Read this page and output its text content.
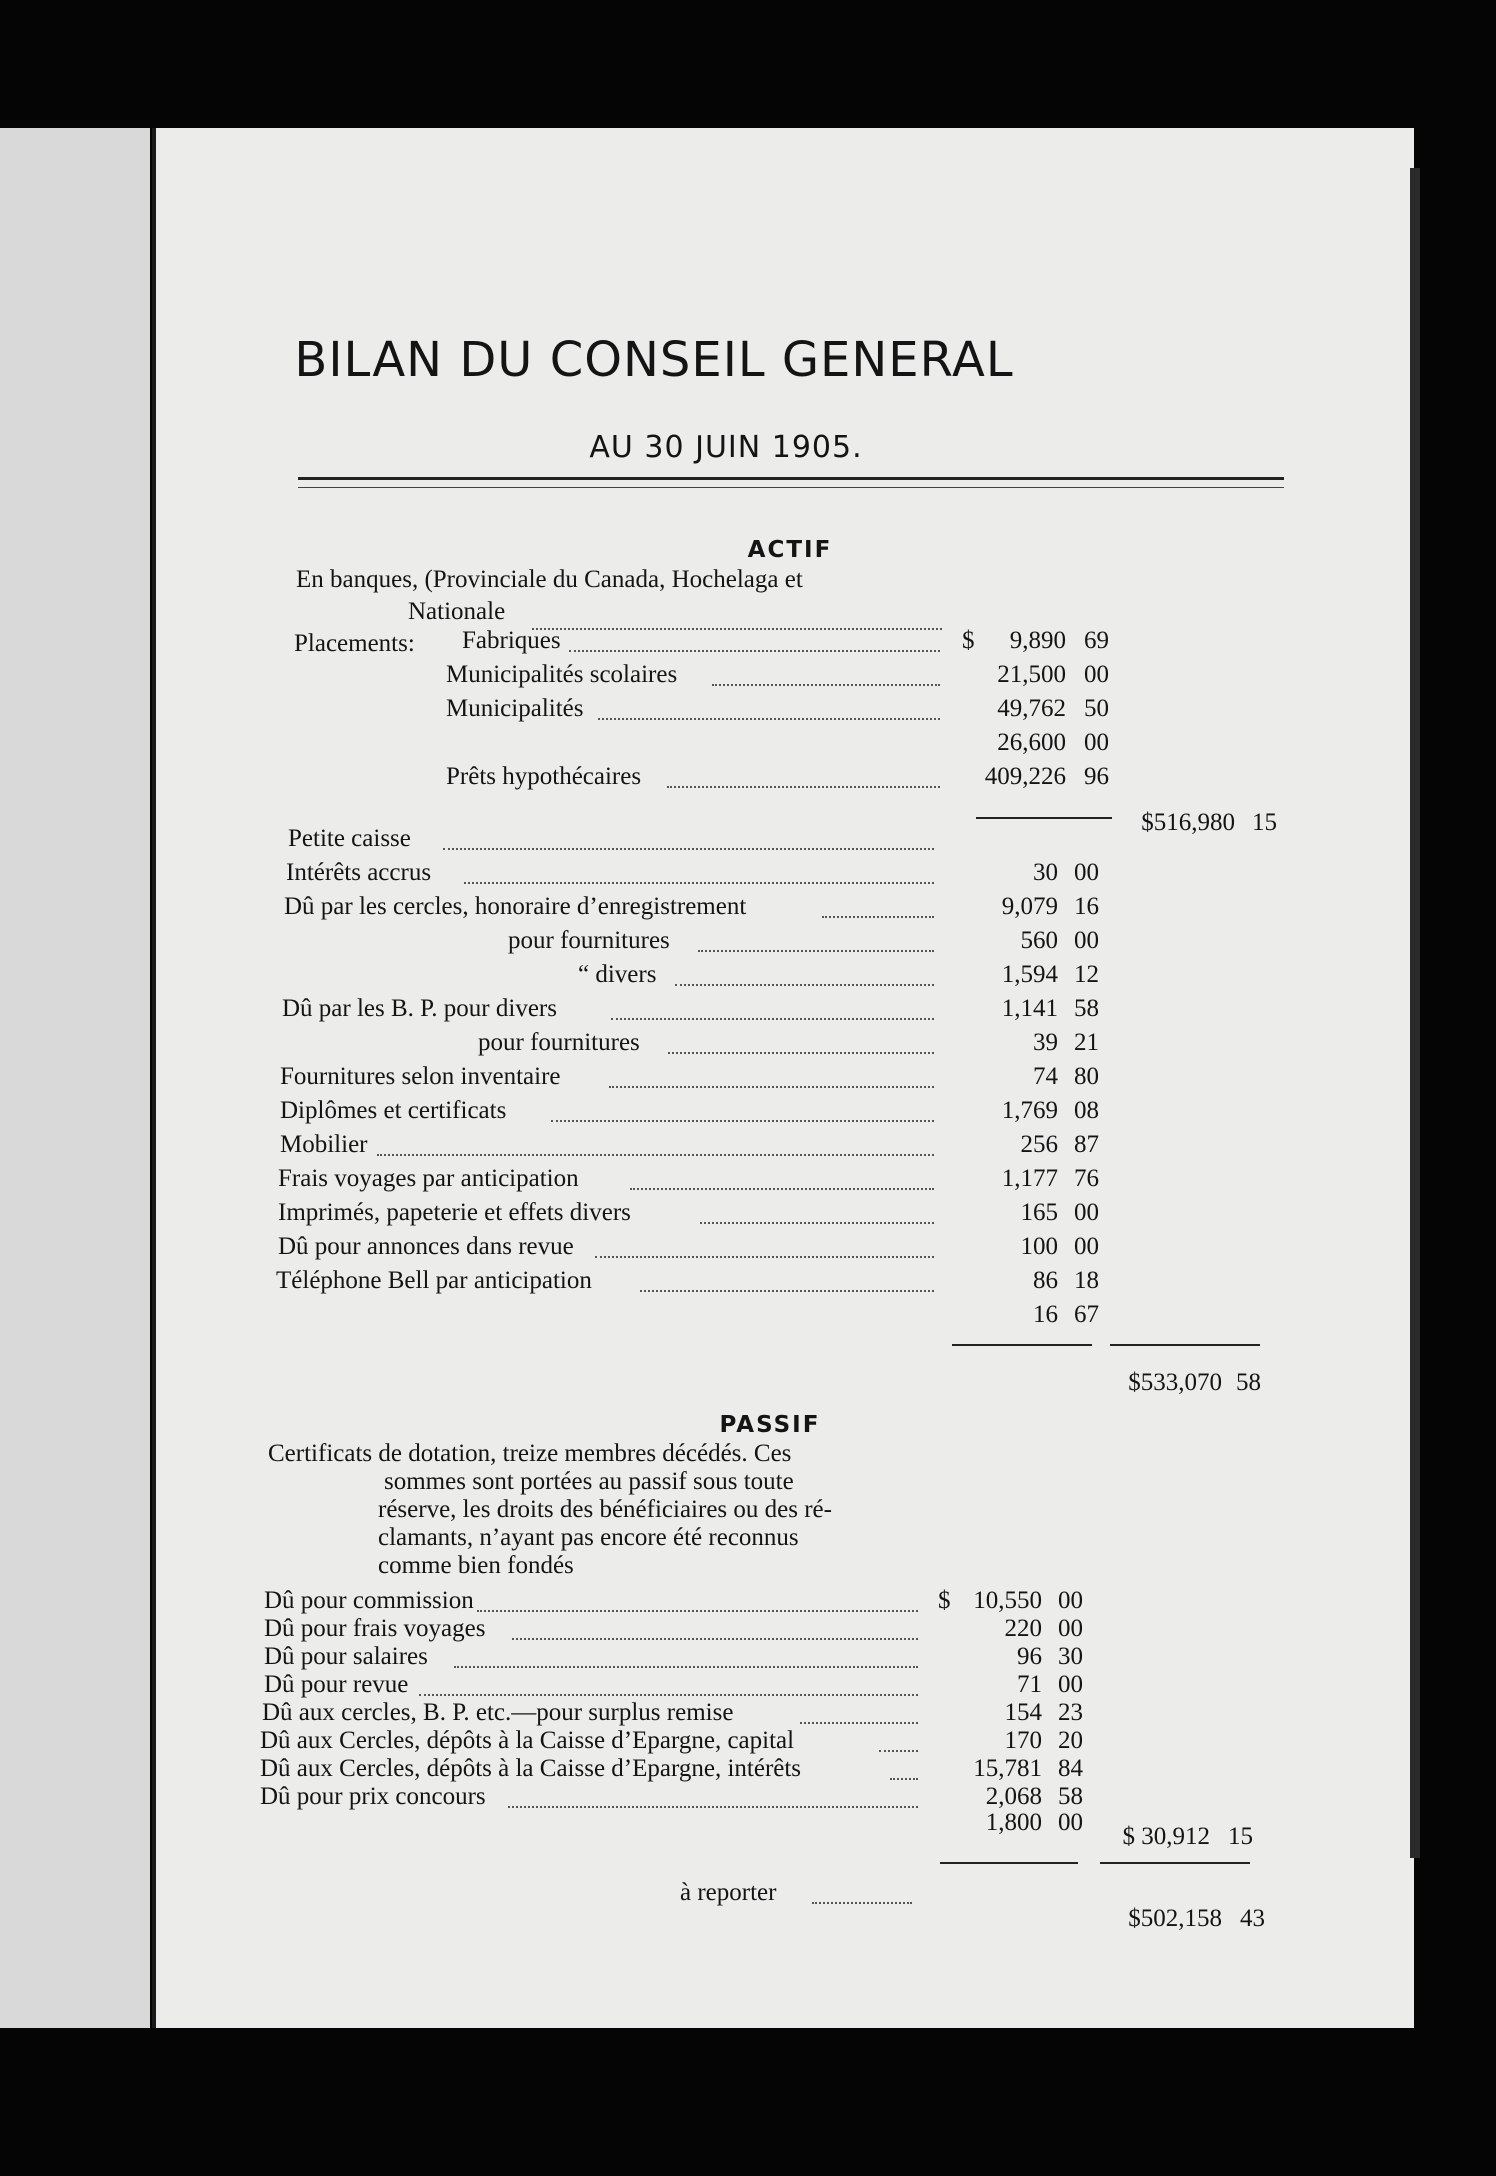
BILAN DU CONSEIL GENERAL
AU 30 JUIN 1905.
ACTIF
En banques, (Provinciale du Canada, Hochelaga et
Nationale
Placements: Fabriques	$	9,890 69
Municipalités scolaires	21,500 00
Municipalités	49,762 50
26,600 00
Prêts hypothécaires	409,226 96
$516,980 15
Petite caisse
Intérêts accrus	30 00
Dû par les cercles, honoraire d’enregistrement	9,079 16
pour fournitures	560 00
“ divers	1,594 12
Dû par les B. P. pour divers	1,141 58
pour fournitures	39 21
Fournitures selon inventaire	74 80
Diplômes et certificats	1,769 08
Mobilier	256 87
Frais voyages par anticipation	1,177 76
Imprimés, papeterie et effets divers	165 00
Dû pour annonces dans revue	100 00
Téléphone Bell par anticipation	86 18
16 67
$533,070 58
PASSIF
Certificats de dotation, treize membres décédés. Ces
sommes sont portées au passif sous toute
réserve, les droits des bénéficiaires ou des ré-
clamants, n’ayant pas encore été reconnus
comme bien fondés
Dû pour commission	$ 10,550 00
Dû pour frais voyages	220 00
Dû pour salaires	96 30
Dû pour revue	71 00
Dû aux cercles, B. P. etc.—pour surplus remise	154 23
Dû aux Cercles, dépôts à la Caisse d’Epargne, capital	170 20
Dû aux Cercles, dépôts à la Caisse d’Epargne, intérêts	15,781 84
Dû pour prix concours	2,068 58
1,800 00
$ 30,912 15
à reporter
$502,158 43
